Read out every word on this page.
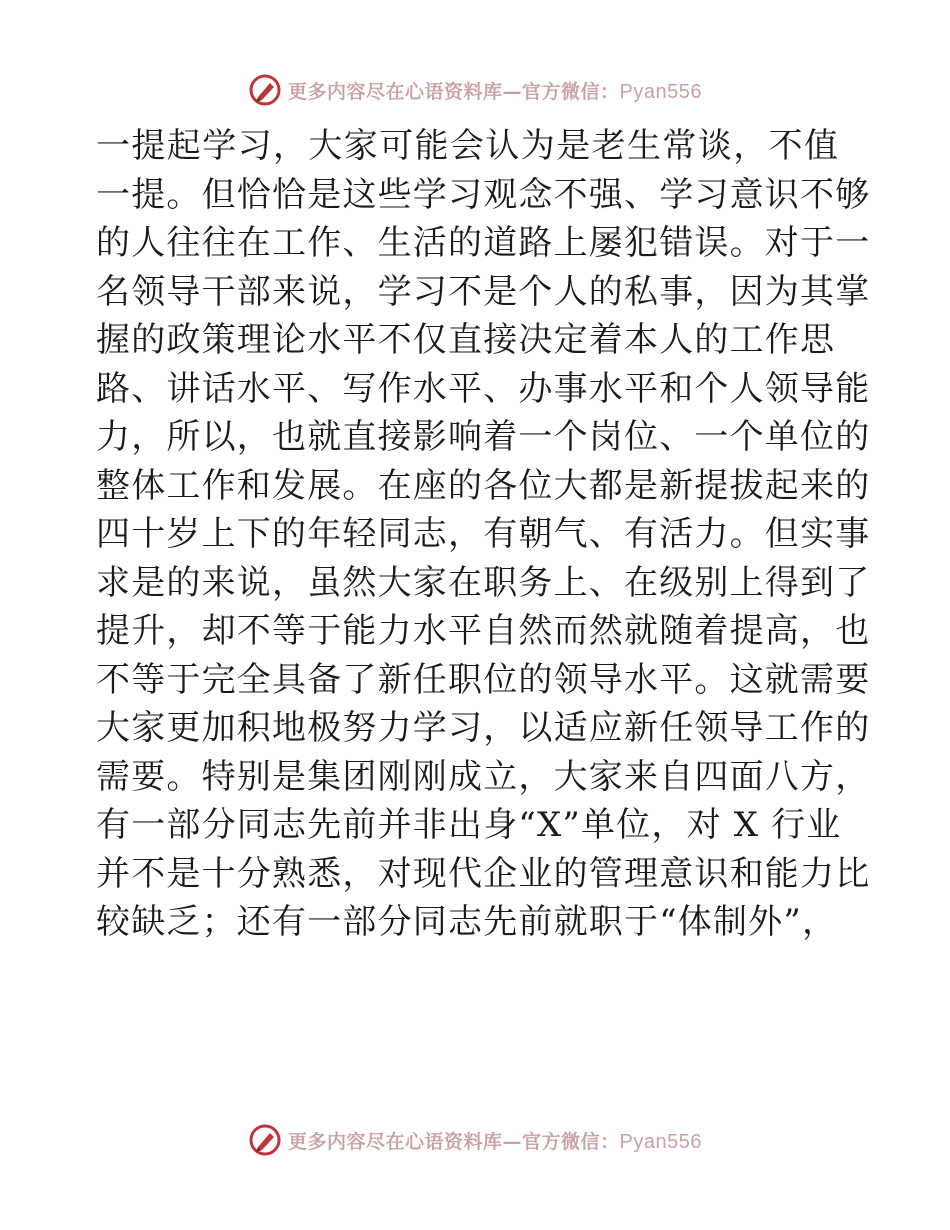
更多内容尽在心语资料库—官方微信：Pyan556
一提起学习，大家可能会认为是老生常谈，不值
一提。但恰恰是这些学习观念不强、学习意识不够
的人往往在工作、生活的道路上屡犯错误。对于一
名领导干部来说，学习不是个人的私事，因为其掌
握的政策理论水平不仅直接决定着本人的工作思
路、讲话水平、写作水平、办事水平和个人领导能
力，所以，也就直接影响着一个岗位、一个单位的
整体工作和发展。在座的各位大都是新提拔起来的
四十岁上下的年轻同志，有朝气、有活力。但实事
求是的来说，虽然大家在职务上、在级别上得到了
提升，却不等于能力水平自然而然就随着提高，也
不等于完全具备了新任职位的领导水平。这就需要
大家更加积地极努力学习，以适应新任领导工作的
需要。特别是集团刚刚成立，大家来自四面八方，
有一部分同志先前并非出身“X”单位，对 X 行业
并不是十分熟悉，对现代企业的管理意识和能力比
较缺乏；还有一部分同志先前就职于“体制外”，
更多内容尽在心语资料库—官方微信：Pyan556
